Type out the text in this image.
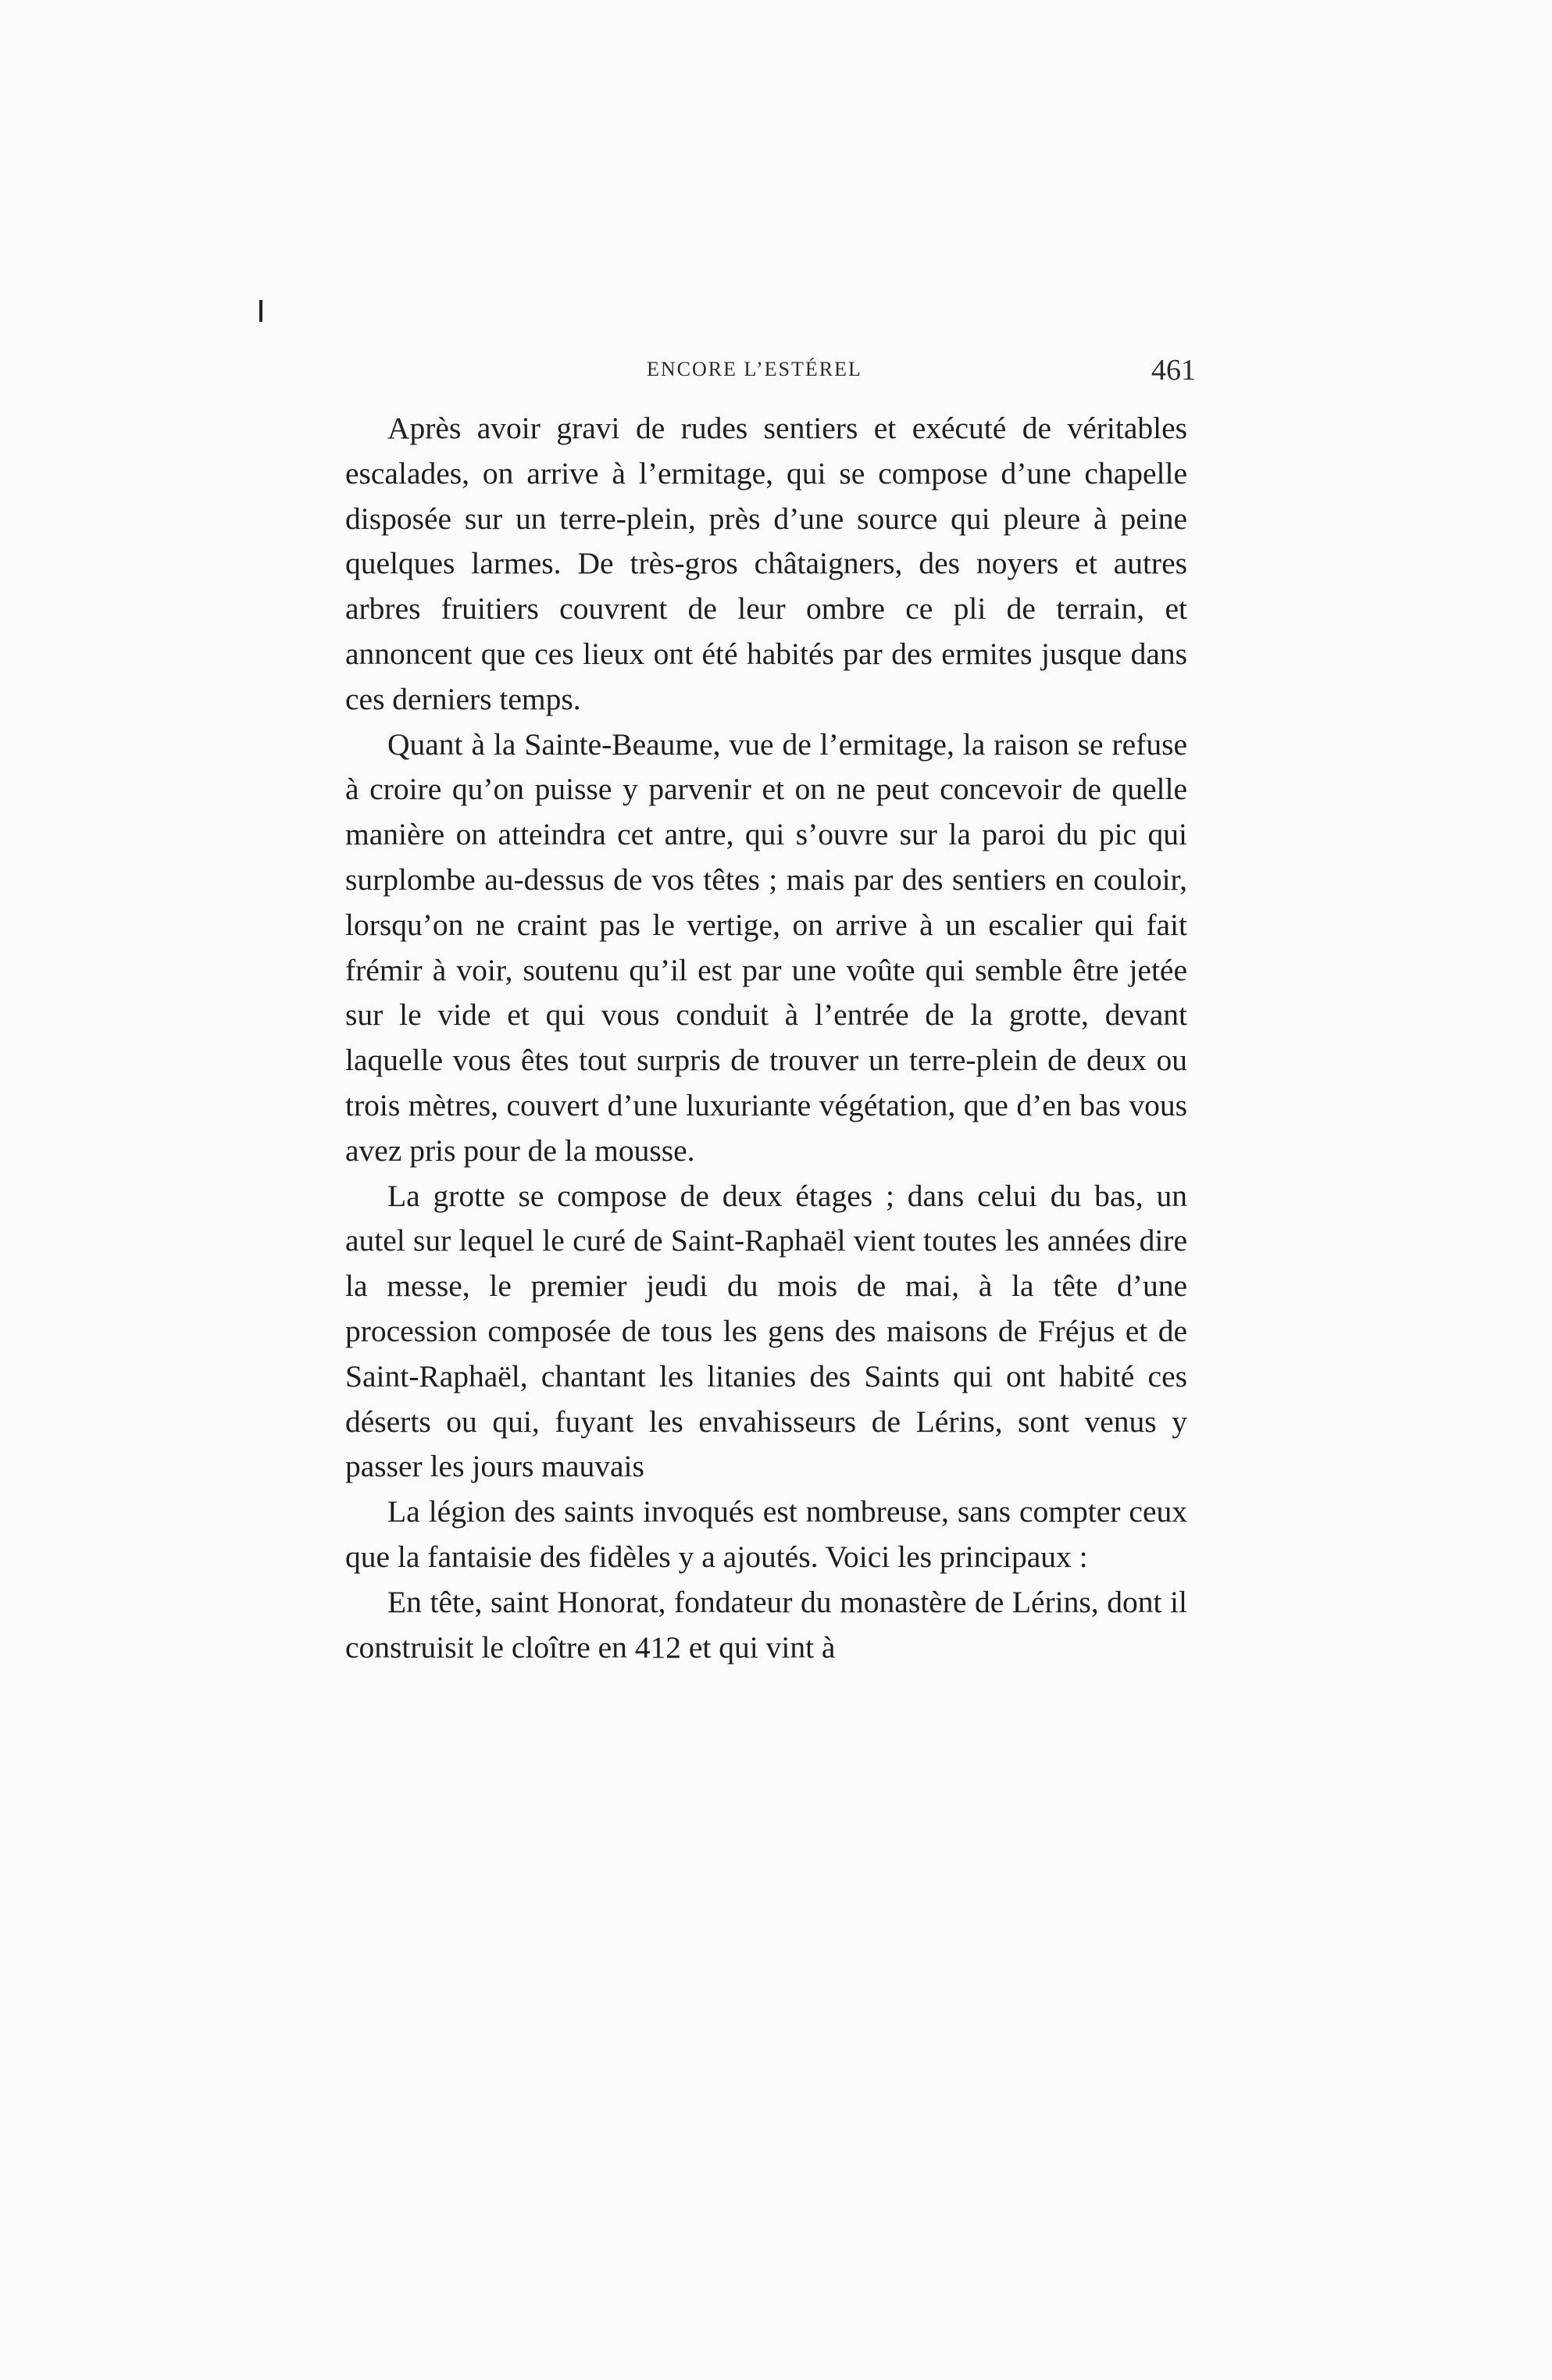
ENCORE L’ESTÉREL	461

Après avoir gravi de rudes sentiers et exécuté de véritables escalades, on arrive à l’ermitage, qui se compose d’une chapelle disposée sur un terre-plein, près d’une source qui pleure à peine quelques larmes. De très-gros châtaigners, des noyers et autres arbres fruitiers couvrent de leur ombre ce pli de terrain, et annoncent que ces lieux ont été habités par des ermites jusque dans ces derniers temps.

Quant à la Sainte-Beaume, vue de l’ermitage, la raison se refuse à croire qu’on puisse y parvenir et on ne peut concevoir de quelle manière on atteindra cet antre, qui s’ouvre sur la paroi du pic qui surplombe au-dessus de vos têtes ; mais par des sentiers en couloir, lorsqu’on ne craint pas le vertige, on arrive à un escalier qui fait frémir à voir, soutenu qu’il est par une voûte qui semble être jetée sur le vide et qui vous conduit à l’entrée de la grotte, devant laquelle vous êtes tout surpris de trouver un terre-plein de deux ou trois mètres, couvert d’une luxuriante végétation, que d’en bas vous avez pris pour de la mousse.

La grotte se compose de deux étages ; dans celui du bas, un autel sur lequel le curé de Saint-Raphaël vient toutes les années dire la messe, le premier jeudi du mois de mai, à la tête d’une procession composée de tous les gens des maisons de Fréjus et de Saint-Raphaël, chantant les litanies des Saints qui ont habité ces déserts ou qui, fuyant les envahisseurs de Lérins, sont venus y passer les jours mauvais

La légion des saints invoqués est nombreuse, sans compter ceux que la fantaisie des fidèles y a ajoutés. Voici les principaux :

En tête, saint Honorat, fondateur du monastère de Lérins, dont il construisit le cloître en 412 et qui vint à
